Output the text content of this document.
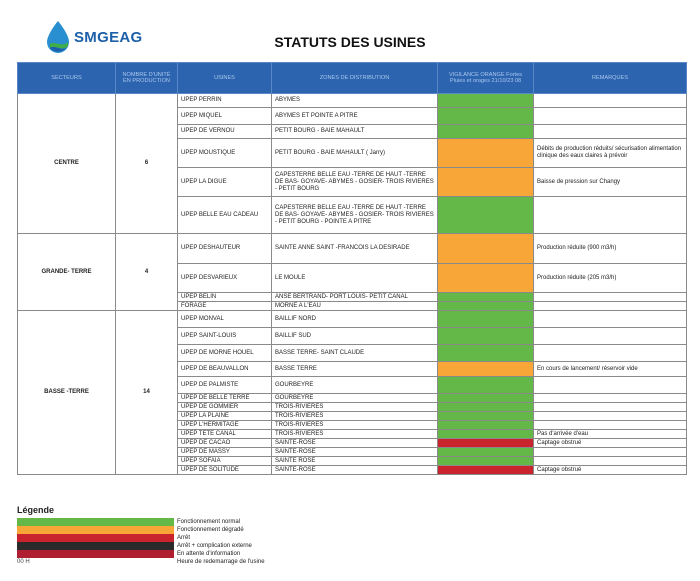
SMGEAG	STATUTS DES USINES
SECTEURS	NOMBRE D'UNITÉ EN PRODUCTION	USINES	ZONES DE DISTRIBUTION	VIGILANCE ORANGE Fortes Pluies et orages 21/10/23 08	REMARQUES
CENTRE	6	UPEP PERRIN	ABYMES		
		UPEP MIQUEL	ABYMES ET POINTE A PITRE		
		UPEP DE VERNOU	PETIT BOURG - BAIE MAHAULT		
		UPEP MOUSTIQUE	PETIT BOURG - BAIE MAHAULT ( Jarry)		Débits de production réduits/ sécurisation alimentation clinique des eaux claires à prévoir
		UPEP LA DIGUE	CAPESTERRE BELLE EAU -TERRE DE HAUT -TERRE DE BAS- GOYAVE- ABYMES - GOSIER- TROIS RIVIERES - PETIT BOURG		Baisse de pression sur Changy
		UPEP BELLE EAU CADEAU	CAPESTERRE BELLE EAU -TERRE DE HAUT -TERRE DE BAS- GOYAVE- ABYMES - GOSIER- TROIS RIVIERES - PETIT BOURG - POINTE A PITRE		
GRANDE- TERRE	4	UPEP DESHAUTEUR	SAINTE ANNE SAINT -FRANCOIS LA DESIRADE		Production réduite (900 m3/h)
		UPEP DESVARIEUX	LE MOULE		Production réduite (205 m3/h)
		UPEP BELIN	ANSE BERTRAND- PORT LOUIS- PETIT CANAL		
		FORAGE	MORNE A L'EAU		
BASSE -TERRE	14	UPEP MONVAL	BAILLIF NORD		
		UPEP SAINT-LOUIS	BAILLIF SUD		
		UPEP DE MORNE HOUEL	BASSE TERRE- SAINT CLAUDE		
		UPEP DE BEAUVALLON	BASSE TERRE		En cours de lancement/ réservoir vide
		UPEP DE PALMISTE	GOURBEYRE		
		UPEP DE BELLE TERRE	GOURBEYRE		
		UPEP DE GOMMIER	TROIS-RIVIERES		
		UPEP LA PLAINE	TROIS-RIVIERES		
		UPEP L'HERMITAGE	TROIS-RIVIERES		
		UPEP TETE CANAL	TROIS-RIVIERES		Pas d'arrivée d'eau
		UPEP DE CACAO	SAINTE-ROSE		Captage obstrué
		UPEP DE MASSY	SAINTE-ROSE		
		UPEP SOFAIA	SAINTE ROSE		
		UPEP DE SOLITUDE	SAINTE-ROSE		Captage obstrué
Légende
Fonctionnement normal
Fonctionnement dégradé
Arrêt
Arrêt + complication externe
En attente d'information
00 H	Heure de redemarrage de l'usine
